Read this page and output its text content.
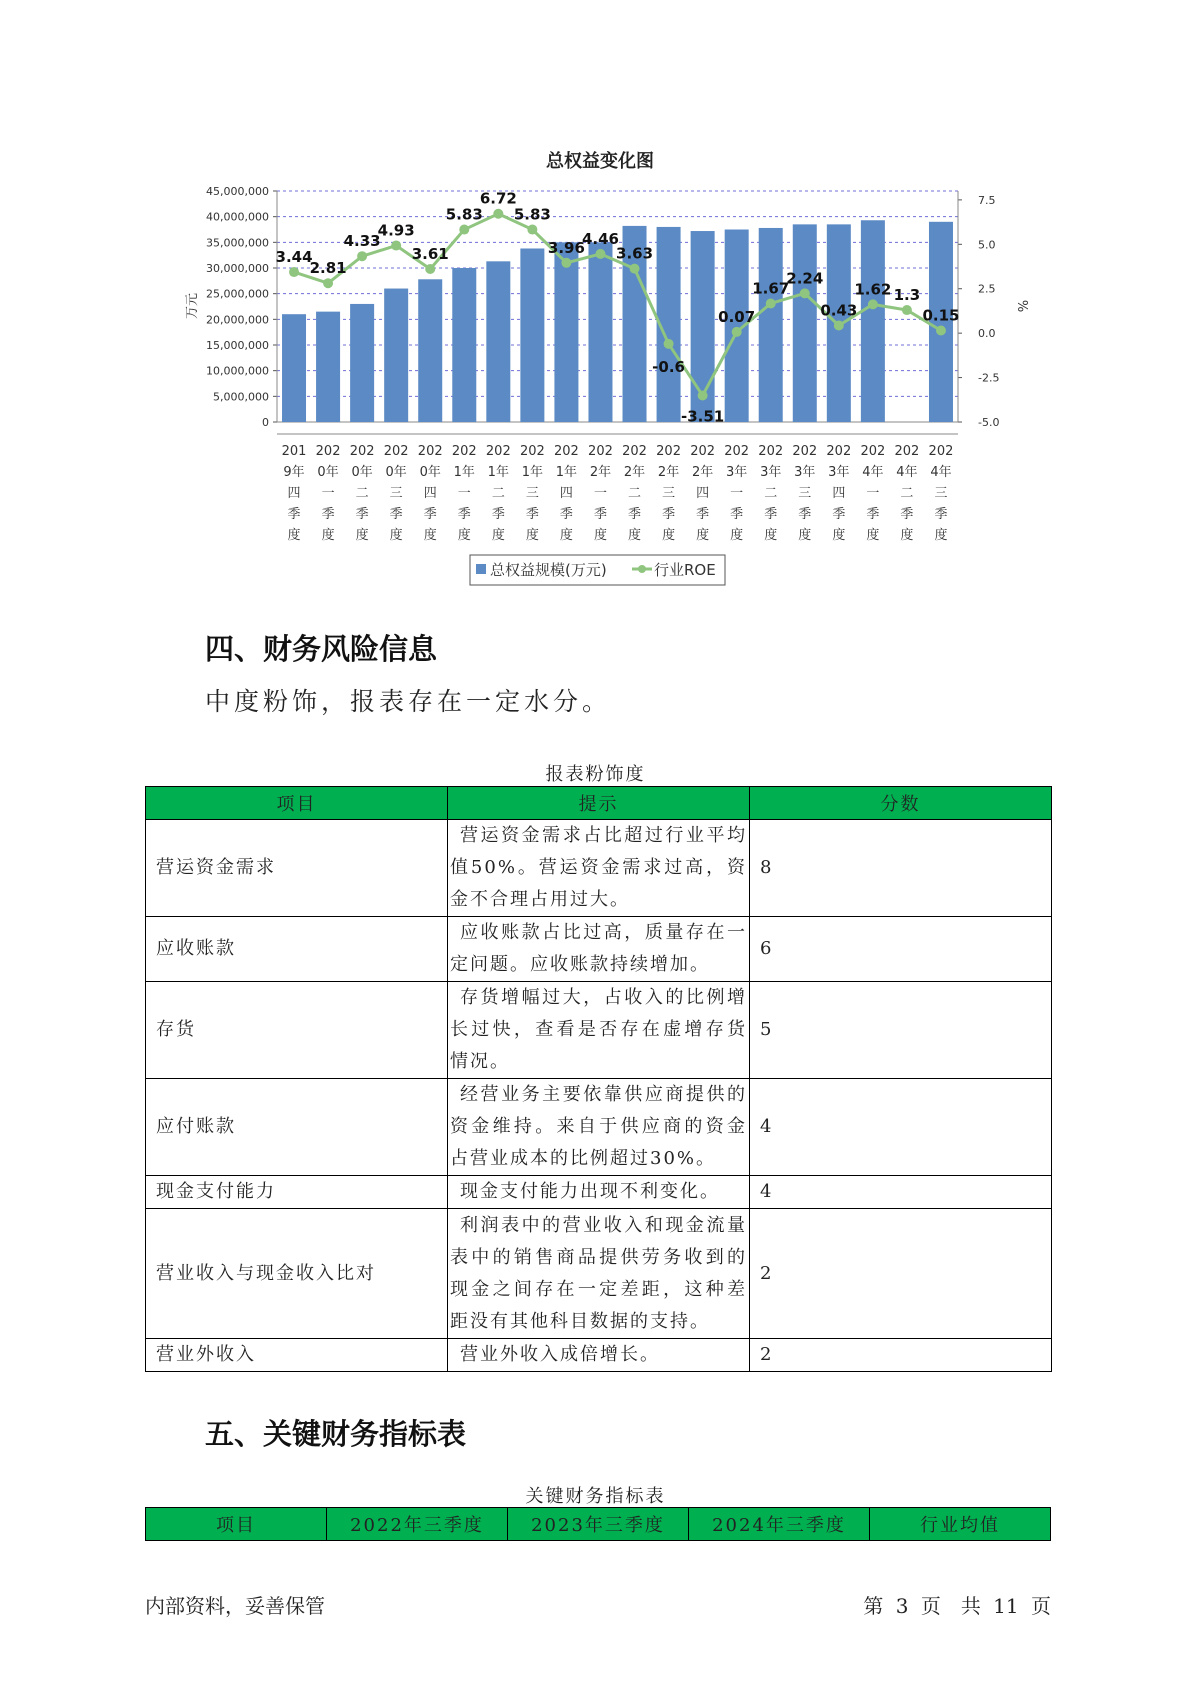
总权益变化图
0
5,000,000
10,000,000
15,000,000
20,000,000
25,000,000
30,000,000
35,000,000
40,000,000
45,000,000
-5.0
-2.5
0.0
2.5
5.0
7.5
万元	%
3.44
2.81
4.33
4.93
3.61
5.83
6.72
5.83
3.96
4.46
3.63
-0.6
-3.51
0.07
1.67
2.24
0.43
1.62 1.3
0.15
201
9年
四
季
度
202
0年
一
季
度
202
0年
二
季
度
202
0年
三
季
度
202
0年
四
季
度
202
1年
一
季
度
202
1年
二
季
度
202
1年
三
季
度
202
1年
四
季
度
202
2年
一
季
度
202
2年
二
季
度
202
2年
三
季
度
202
2年
四
季
度
202
3年
一
季
度
202
3年
二
季
度
202
3年
三
季
度
202
3年
四
季
度
202
4年
一
季
度
202
4年
二
季
度
202
4年
三
季
度
总权益规模(万元)	行业ROE
四、财务风险信息
中度粉饰，报表存在一定水分。
报表粉饰度
项目	提示	分数
营运资金需求	营运资金需求占比超过行业平均值50%。营运资金需求过高，资金不合理占用过大。	8
应收账款	应收账款占比过高，质量存在一定问题。应收账款持续增加。	6
存货	存货增幅过大，占收入的比例增长过快，查看是否存在虚增存货情况。	5
应付账款	经营业务主要依靠供应商提供的资金维持。来自于供应商的资金占营业成本的比例超过30%。	4
现金支付能力	现金支付能力出现不利变化。	4
营业收入与现金收入比对	利润表中的营业收入和现金流量表中的销售商品提供劳务收到的现金之间存在一定差距，这种差距没有其他科目数据的支持。	2
营业外收入	营业外收入成倍增长。	2
五、关键财务指标表
关键财务指标表
项目	2022年三季度	2023年三季度	2024年三季度	行业均值
内部资料，妥善保管	第 3 页　共 11 页
